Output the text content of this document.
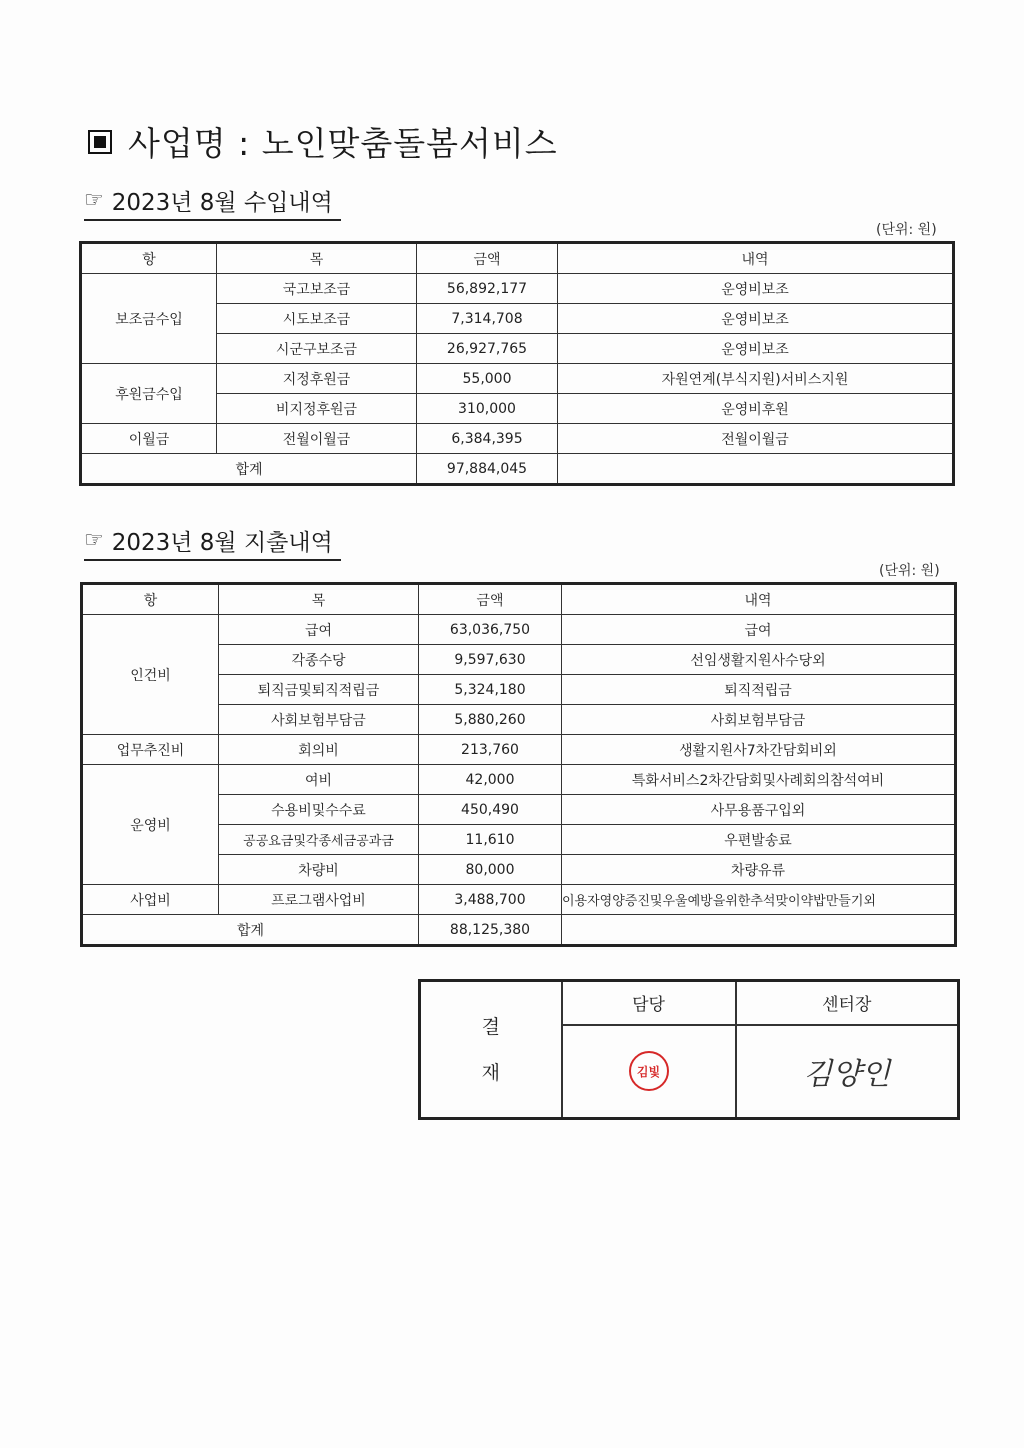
사업명 : 노인맞춤돌봄서비스
☞ 2023년 8월 수입내역
(단위: 원)
항	목	금액	내역
보조금수입	국고보조금	56,892,177	운영비보조
	시도보조금	7,314,708	운영비보조
	시군구보조금	26,927,765	운영비보조
후원금수입	지정후원금	55,000	자원연계(부식지원)서비스지원
	비지정후원금	310,000	운영비후원
이월금	전월이월금	6,384,395	전월이월금
합계		97,884,045	
☞ 2023년 8월 지출내역
(단위: 원)
항	목	금액	내역
인건비	급여	63,036,750	급여
	각종수당	9,597,630	선임생활지원사수당외
	퇴직금및퇴직적립금	5,324,180	퇴직적립금
	사회보험부담금	5,880,260	사회보험부담금
업무추진비	회의비	213,760	생활지원사7차간담회비외
운영비	여비	42,000	특화서비스2차간담회및사례회의참석여비
	수용비및수수료	450,490	사무용품구입외
	공공요금및각종세금공과금	11,610	우편발송료
	차량비	80,000	차량유류
사업비	프로그램사업비	3,488,700	이용자영양증진및우울예방을위한추석맞이약밥만들기외
합계		88,125,380	
결
재	담당	센터장
	김빛	김양인
